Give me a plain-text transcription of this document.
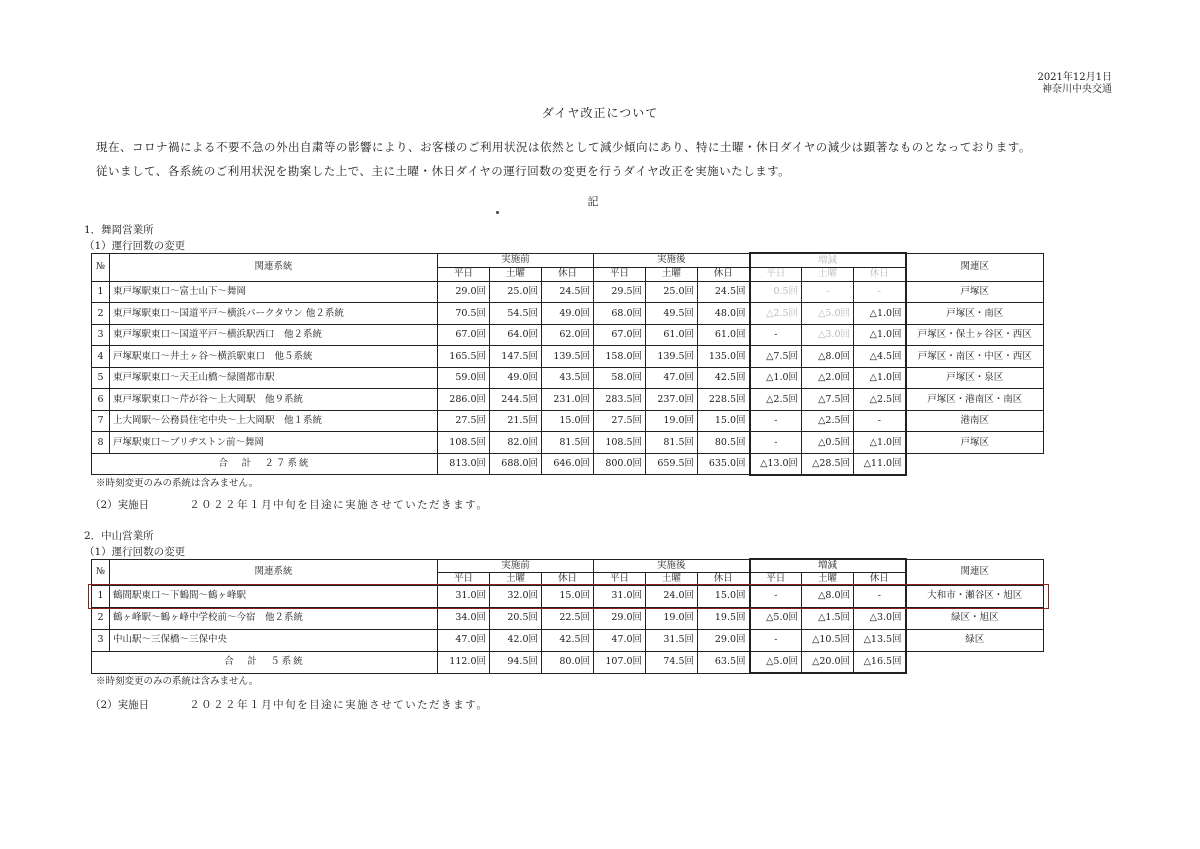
2021年12月1日
神奈川中央交通
ダイヤ改正について
現在、コロナ禍による不要不急の外出自粛等の影響により、お客様のご利用状況は依然として減少傾向にあり、特に土曜・休日ダイヤの減少は顕著なものとなっております。
従いまして、各系統のご利用状況を勘案した上で、主に土曜・休日ダイヤの運行回数の変更を行うダイヤ改正を実施いたします。
記
1．舞岡営業所
（1）運行回数の変更
№	関連系統	実施前			実施後			増減			関連区
		平日	土曜	休日	平日	土曜	休日	平日	土曜	休日	
1	東戸塚駅東口～富士山下～舞岡	29.0回	25.0回	24.5回	29.5回	25.0回	24.5回	0.5回	-	-	戸塚区
2	東戸塚駅東口～国道平戸～横浜パークタウン 他２系統	70.5回	54.5回	49.0回	68.0回	49.5回	48.0回	△2.5回	△5.0回	△1.0回	戸塚区・南区
3	東戸塚駅東口～国道平戸～横浜駅西口　他２系統	67.0回	64.0回	62.0回	67.0回	61.0回	61.0回	-	△3.0回	△1.0回	戸塚区・保土ヶ谷区・西区
4	戸塚駅東口～井土ヶ谷～横浜駅東口　他５系統	165.5回	147.5回	139.5回	158.0回	139.5回	135.0回	△7.5回	△8.0回	△4.5回	戸塚区・南区・中区・西区
5	東戸塚駅東口～天王山橋～緑園都市駅	59.0回	49.0回	43.5回	58.0回	47.0回	42.5回	△1.0回	△2.0回	△1.0回	戸塚区・泉区
6	東戸塚駅東口～芹が谷～上大岡駅　他９系統	286.0回	244.5回	231.0回	283.5回	237.0回	228.5回	△2.5回	△7.5回	△2.5回	戸塚区・港南区・南区
7	上大岡駅～公務員住宅中央～上大岡駅　他１系統	27.5回	21.5回	15.0回	27.5回	19.0回	15.0回	-	△2.5回	-	港南区
8	戸塚駅東口～ブリヂストン前～舞岡	108.5回	82.0回	81.5回	108.5回	81.5回	80.5回	-	△0.5回	△1.0回	戸塚区
合　計　２７系統		813.0回	688.0回	646.0回	800.0回	659.5回	635.0回	△13.0回	△28.5回	△11.0回	
※時刻変更のみの系統は含みません。
（2）実施日	２０２２年１月中旬を目途に実施させていただきます。
2．中山営業所
（1）運行回数の変更
№	関連系統	実施前			実施後			増減			関連区
		平日	土曜	休日	平日	土曜	休日	平日	土曜	休日	
1	鶴間駅東口～下鶴間～鶴ヶ峰駅	31.0回	32.0回	15.0回	31.0回	24.0回	15.0回	-	△8.0回	-	大和市・瀬谷区・旭区
2	鶴ヶ峰駅～鶴ヶ峰中学校前～今宿　他２系統	34.0回	20.5回	22.5回	29.0回	19.0回	19.5回	△5.0回	△1.5回	△3.0回	緑区・旭区
3	中山駅～三保橋～三保中央	47.0回	42.0回	42.5回	47.0回	31.5回	29.0回	-	△10.5回	△13.5回	緑区
合　計　５系統		112.0回	94.5回	80.0回	107.0回	74.5回	63.5回	△5.0回	△20.0回	△16.5回	
※時刻変更のみの系統は含みません。
（2）実施日	２０２２年１月中旬を目途に実施させていただきます。
